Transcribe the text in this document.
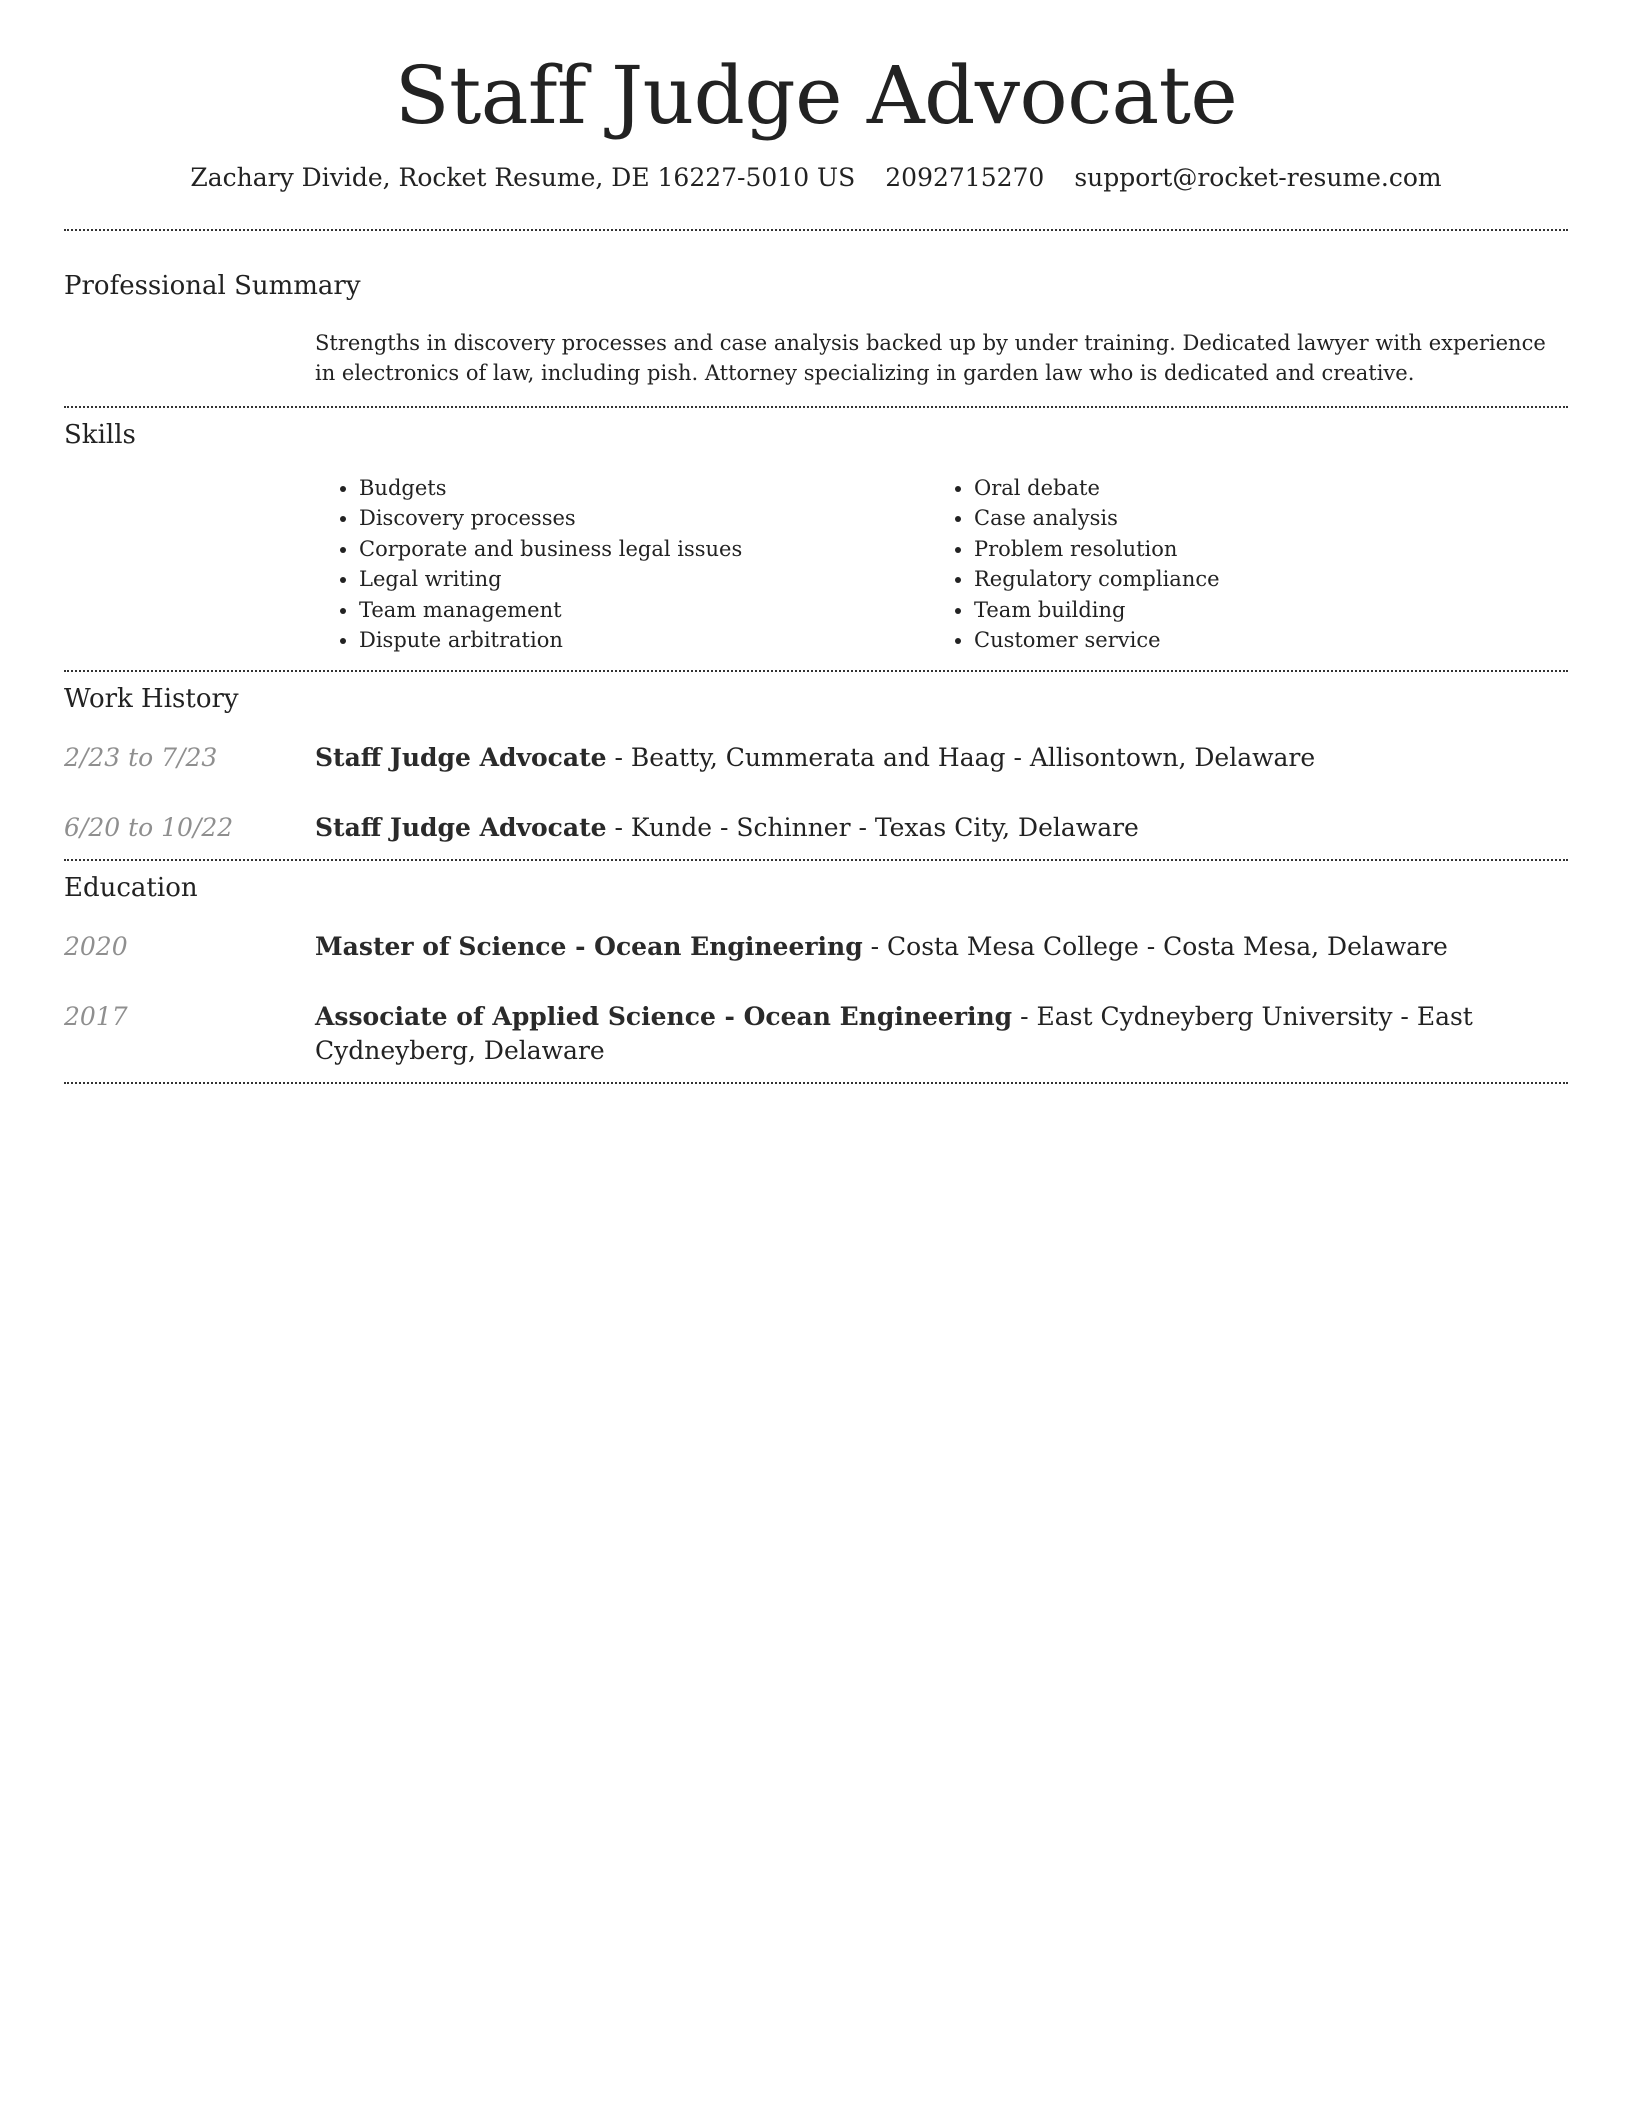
Staff Judge Advocate
Zachary Divide, Rocket Resume, DE 16227-5010 US 2092715270 support@rocket-resume.com
Professional Summary

Strengths in discovery processes and case analysis backed up by under training. Dedicated lawyer with experience in electronics of law, including pish. Attorney specializing in garden law who is dedicated and creative.

Skills
• Budgets
• Discovery processes
• Corporate and business legal issues
• Legal writing
• Team management
• Dispute arbitration
• Oral debate
• Case analysis
• Problem resolution
• Regulatory compliance
• Team building
• Customer service
Work History
2/23 to 7/23	Staff Judge Advocate - Beatty, Cummerata and Haag - Allisontown, Delaware
6/20 to 10/22	Staff Judge Advocate - Kunde - Schinner - Texas City, Delaware
Education
2020	Master of Science - Ocean Engineering - Costa Mesa College - Costa Mesa, Delaware
2017	Associate of Applied Science - Ocean Engineering - East Cydneyberg University - East Cydneyberg, Delaware
